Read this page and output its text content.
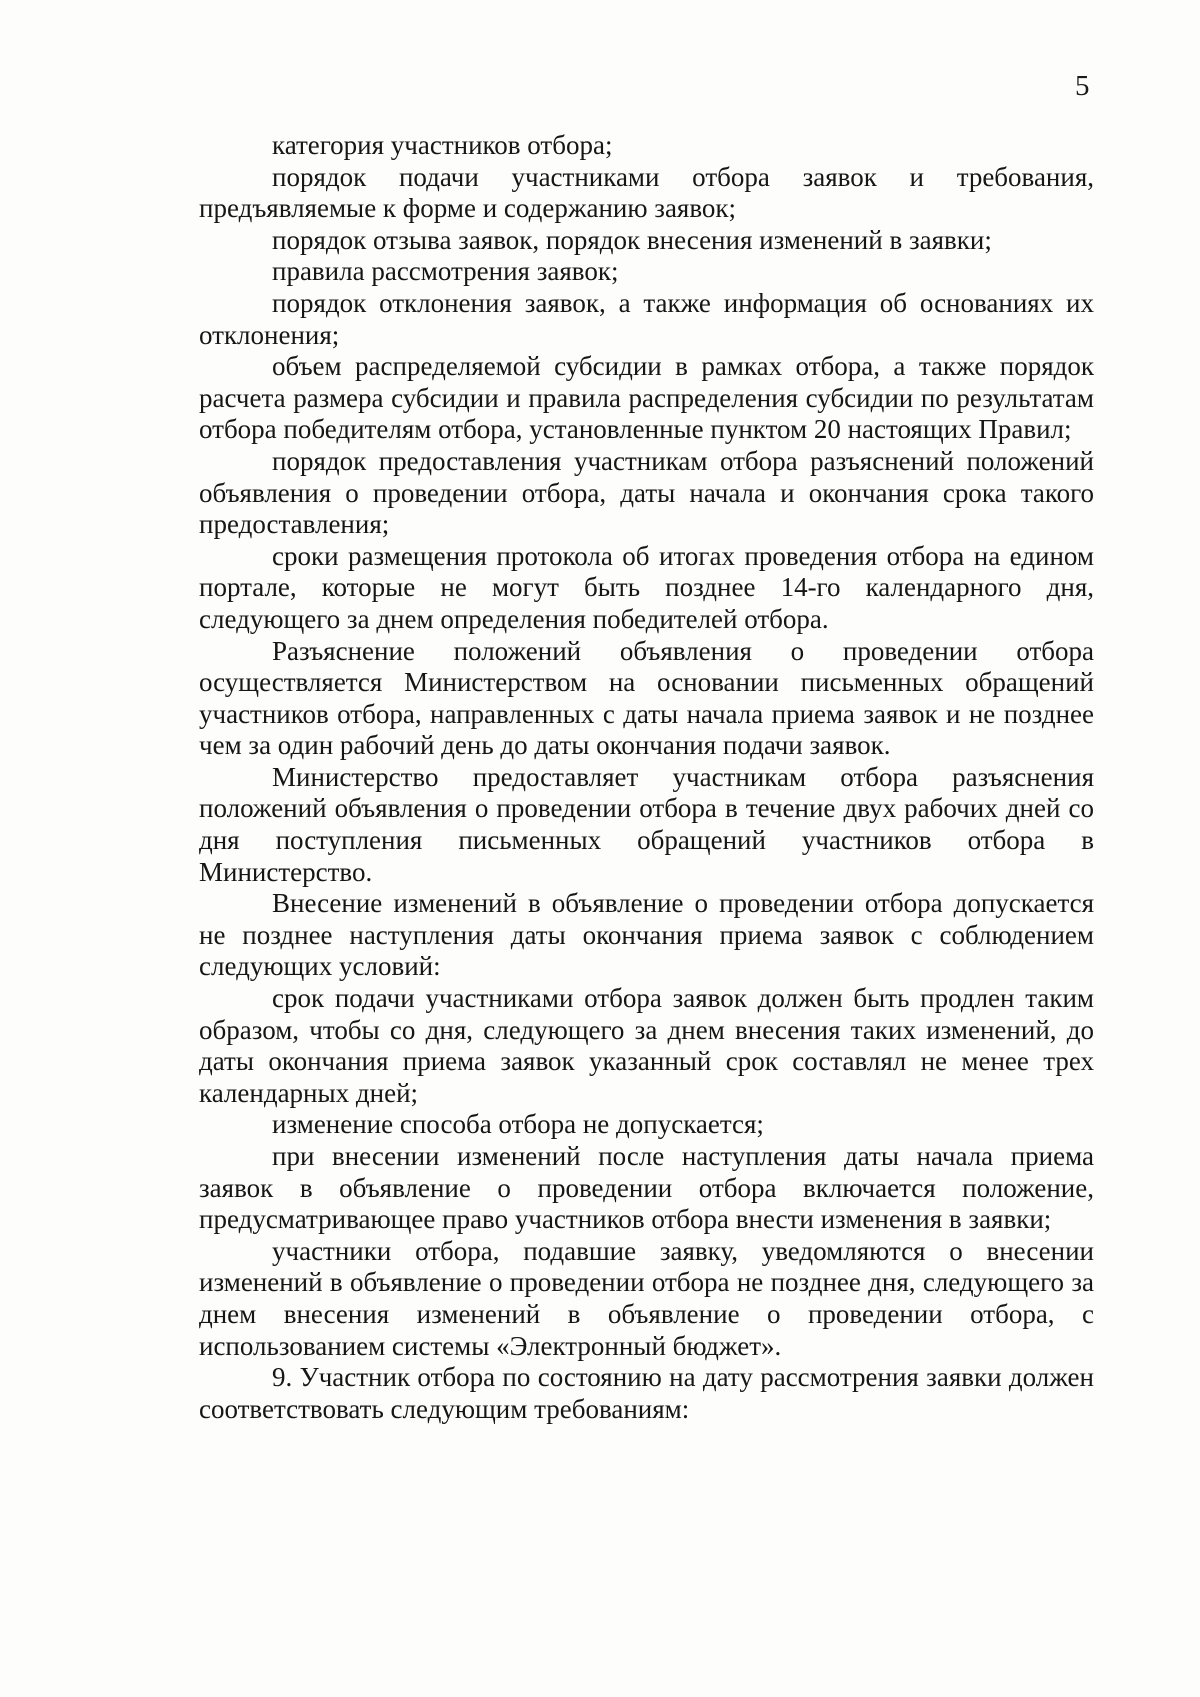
5

категория участников отбора;

порядок подачи участниками отбора заявок и требования, предъявляемые к форме и содержанию заявок;

порядок отзыва заявок, порядок внесения изменений в заявки;

правила рассмотрения заявок;

порядок отклонения заявок, а также информация об основаниях их отклонения;

объем распределяемой субсидии в рамках отбора, а также порядок расчета размера субсидии и правила распределения субсидии по результатам отбора победителям отбора, установленные пунктом 20 настоящих Правил;

порядок предоставления участникам отбора разъяснений положений объявления о проведении отбора, даты начала и окончания срока такого предоставления;

сроки размещения протокола об итогах проведения отбора на едином портале, которые не могут быть позднее 14-го календарного дня, следующего за днем определения победителей отбора.

Разъяснение положений объявления о проведении отбора осуществляется Министерством на основании письменных обращений участников отбора, направленных с даты начала приема заявок и не позднее чем за один рабочий день до даты окончания подачи заявок.

Министерство предоставляет участникам отбора разъяснения положений объявления о проведении отбора в течение двух рабочих дней со дня поступления письменных обращений участников отбора в Министерство.

Внесение изменений в объявление о проведении отбора допускается не позднее наступления даты окончания приема заявок с соблюдением следующих условий:

срок подачи участниками отбора заявок должен быть продлен таким образом, чтобы со дня, следующего за днем внесения таких изменений, до даты окончания приема заявок указанный срок составлял не менее трех календарных дней;

изменение способа отбора не допускается;

при внесении изменений после наступления даты начала приема заявок в объявление о проведении отбора включается положение, предусматривающее право участников отбора внести изменения в заявки;

участники отбора, подавшие заявку, уведомляются о внесении изменений в объявление о проведении отбора не позднее дня, следующего за днем внесения изменений в объявление о проведении отбора, с использованием системы «Электронный бюджет».

9. Участник отбора по состоянию на дату рассмотрения заявки должен соответствовать следующим требованиям:
